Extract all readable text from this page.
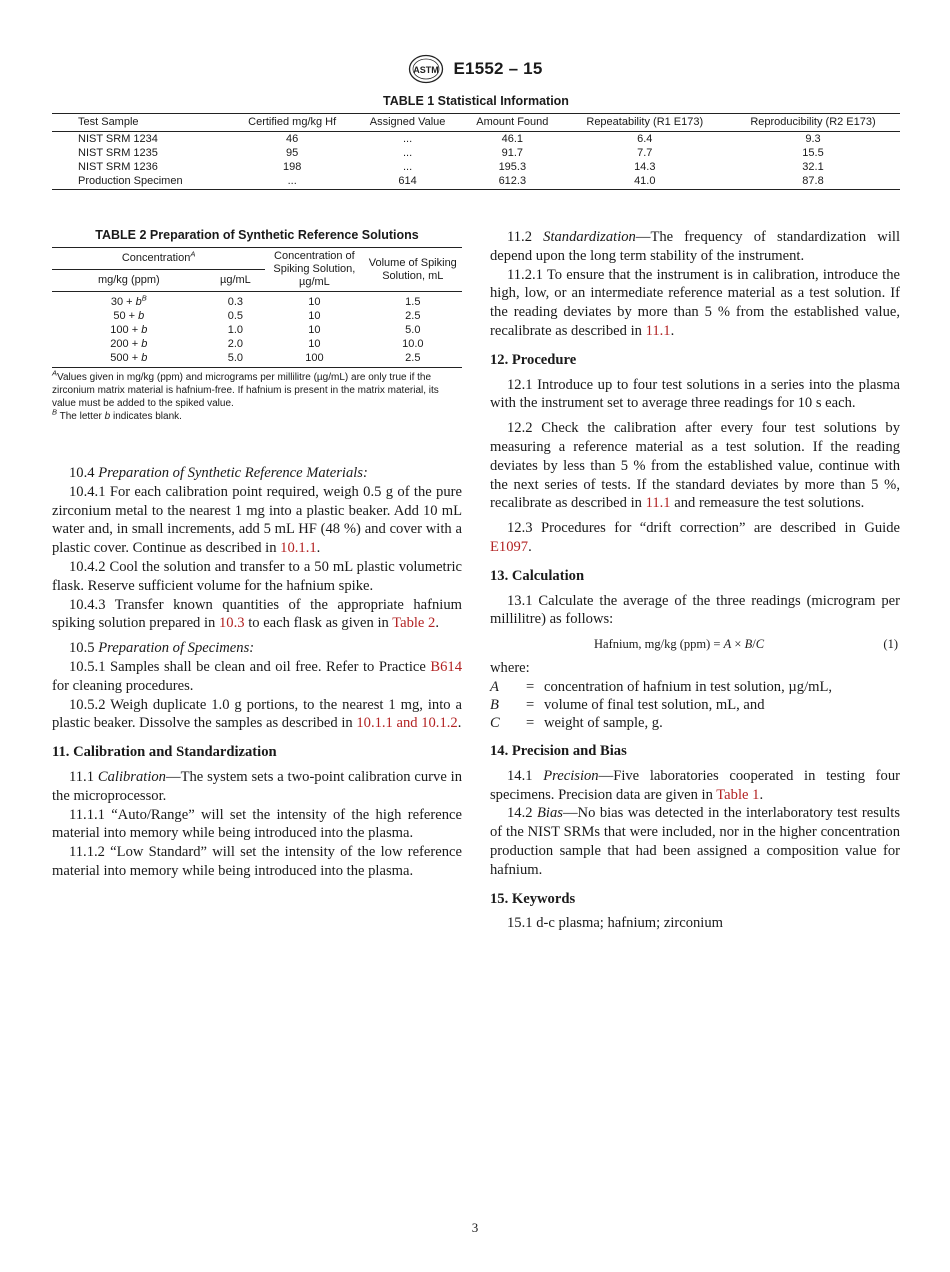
ASTM E1552 – 15
TABLE 1 Statistical Information
Test Sample	Certified mg/kg Hf	Assigned Value	Amount Found	Repeatability (R1 E173)	Reproducibility (R2 E173)
NIST SRM 1234	46	...	46.1	6.4	9.3
NIST SRM 1235	95	...	91.7	7.7	15.5
NIST SRM 1236	198	...	195.3	14.3	32.1
Production Specimen	...	614	612.3	41.0	87.8
TABLE 2 Preparation of Synthetic Reference Solutions
Concentration$^A$		Concentration of Spiking Solution, µg/mL	Volume of Spiking Solution, mL
mg/kg (ppm)	µg/mL		
$30 + b^B$	0.3	10	1.5
50 + b	0.5	10	2.5
100 + b	1.0	10	5.0
200 + b	2.0	10	10.0
500 + b	5.0	100	2.5
$^A$Values given in mg/kg (ppm) and micrograms per millilitre (µg/mL) are only true if the zirconium matrix material is hafnium-free. If hafnium is present in the matrix material, its value must be added to the spiked value.
$^B$ The letter b indicates blank.

10.4 Preparation of Synthetic Reference Materials:

10.4.1 For each calibration point required, weigh 0.5 g of the pure zirconium metal to the nearest 1 mg into a plastic beaker. Add 10 mL water and, in small increments, add 5 mL HF (48 %) and cover with a plastic cover. Continue as described in 10.1.1.

10.4.2 Cool the solution and transfer to a 50 mL plastic volumetric flask. Reserve sufficient volume for the hafnium spike.

10.4.3 Transfer known quantities of the appropriate hafnium spiking solution prepared in 10.3 to each flask as given in Table 2.

10.5 Preparation of Specimens:

10.5.1 Samples shall be clean and oil free. Refer to Practice B614 for cleaning procedures.

10.5.2 Weigh duplicate 1.0 g portions, to the nearest 1 mg, into a plastic beaker. Dissolve the samples as described in 10.1.1 and 10.1.2.

11. Calibration and Standardization

11.1 Calibration—The system sets a two-point calibration curve in the microprocessor.

11.1.1 “Auto/Range” will set the intensity of the high reference material into memory while being introduced into the plasma.

11.1.2 “Low Standard” will set the intensity of the low reference material into memory while being introduced into the plasma.

11.2 Standardization—The frequency of standardization will depend upon the long term stability of the instrument.

11.2.1 To ensure that the instrument is in calibration, introduce the high, low, or an intermediate reference material as a test solution. If the reading deviates by more than 5 % from the established value, recalibrate as described in 11.1.

12. Procedure

12.1 Introduce up to four test solutions in a series into the plasma with the instrument set to average three readings for 10 s each.

12.2 Check the calibration after every four test solutions by measuring a reference material as a test solution. If the reading deviates by less than 5 % from the established value, continue with the next series of tests. If the standard deviates by more than 5 %, recalibrate as described in 11.1 and remeasure the test solutions.

12.3 Procedures for “drift correction” are described in Guide E1097.

13. Calculation

13.1 Calculate the average of the three readings (microgram per millilitre) as follows:

Hafnium, mg/kg (ppm) = A × B/C	(1)

where:

A	= concentration of hafnium in test solution, µg/mL,
B	= volume of final test solution, mL, and
C	= weight of sample, g.
14. Precision and Bias

14.1 Precision—Five laboratories cooperated in testing four specimens. Precision data are given in Table 1.

14.2 Bias—No bias was detected in the interlaboratory test results of the NIST SRMs that were included, nor in the higher concentration production sample that had been assigned a composition value for hafnium.

15. Keywords

15.1 d-c plasma; hafnium; zirconium

3
